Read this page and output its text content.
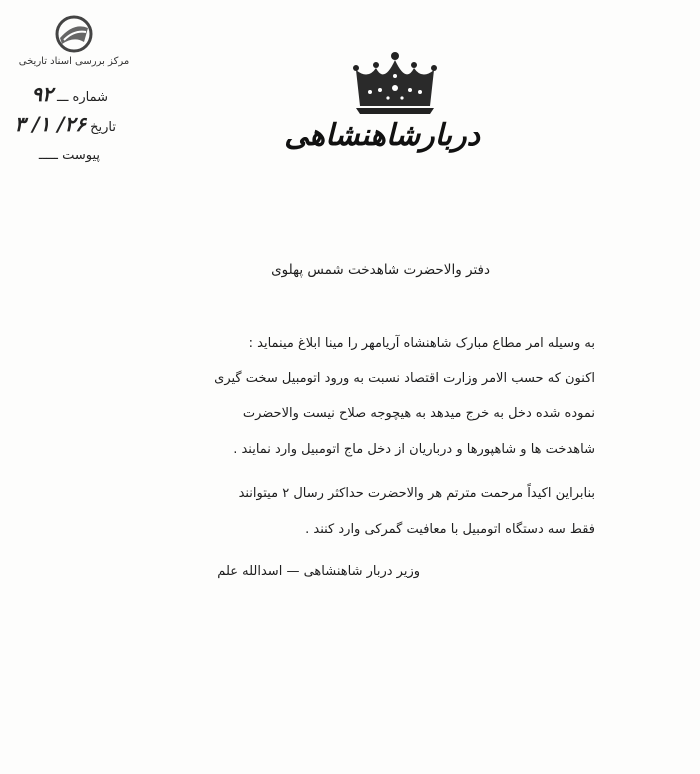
مرکز بررسی اسناد تاریخی
دربارشاهنشاهی
شماره ـــ ۹۲
تاریخ ۲۶/ ۱/ ۳
پیوست ـــــ
دفتر والاحضرت شاهدخت شمس پهلوی
به وسیله امر مطاع مبارک شاهنشاه آریامهر را مینا ابلاغ مینماید :
اکنون که حسب الامر وزارت اقتصاد نسبت به ورود اتومبیل سخت گیری
نموده شده دخل به خرج میدهد به هیچوجه صلاح نیست والاحضرت
شاهدخت ها و شاهپورها و درباریان از دخل ماج اتومبیل وارد نمایند .
بنابراین اکیداً مرحمت مترتم هر والاحضرت حداکثر رسال ۲ میتوانند
فقط سه دستگاه اتومبیل با معافیت گمرکی وارد کنند .
وزیر دربار شاهنشاهی — اسدالله علم
